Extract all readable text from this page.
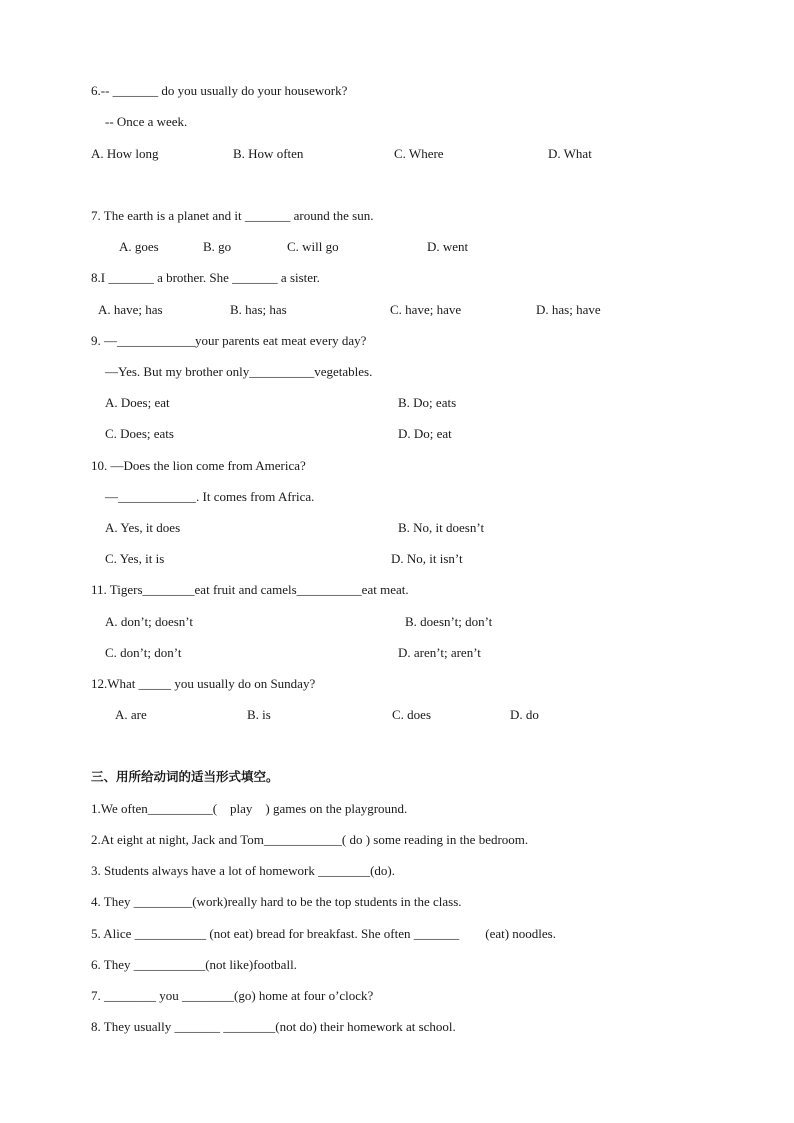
6.-- _______ do you usually do your housework?
-- Once a week.
A. How long	B. How often	C. Where	D. What
7. The earth is a planet and it _______ around the sun.
A. goes	B. go	C. will go	D. went
8.I _______ a brother. She _______ a sister.
A. have; has	B. has; has	C. have; have	D. has; have
9. —____________your parents eat meat every day?
—Yes. But my brother only__________vegetables.
A. Does; eat	B. Do; eats
C. Does; eats	D. Do; eat
10. —Does the lion come from America?
—____________. It comes from Africa.
A. Yes, it does	B. No, it doesn’t
C. Yes, it is	D. No, it isn’t
11. Tigers________eat fruit and camels__________eat meat.
A. don’t; doesn’t	B. doesn’t; don’t
C. don’t; don’t	D. aren’t; aren’t
12.What _____ you usually do on Sunday?
A. are	B. is	C. does	D. do
三、用所给动词的适当形式填空。
1.We often__________(    play    ) games on the playground.
2.At eight at night, Jack and Tom____________( do ) some reading in the bedroom.
3. Students always have a lot of homework ________(do).
4. They _________(work)really hard to be the top students in the class.
5. Alice ___________ (not eat) bread for breakfast. She often _______        (eat) noodles.
6. They ___________(not like)football.
7. ________ you ________(go) home at four o’clock?
8. They usually _______ ________(not do) their homework at school.
